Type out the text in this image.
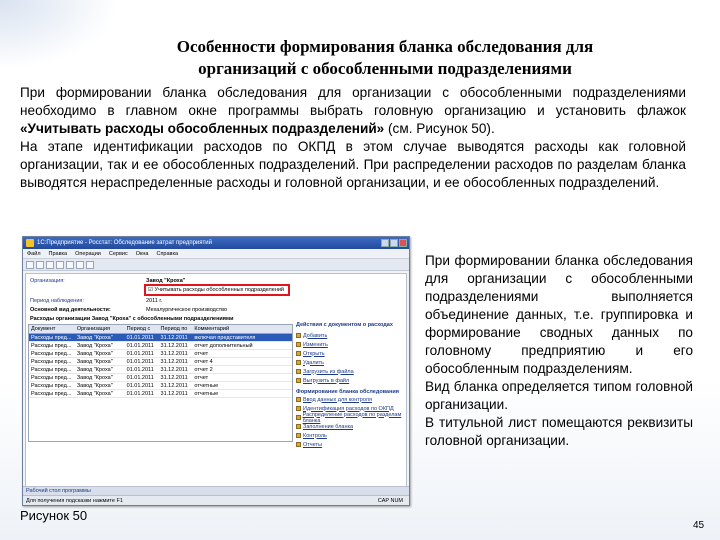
Особенности формирования бланка обследования для
организаций с обособленными подразделениями
При формировании бланка обследования для организации с обособленными подразделениями необходимо в главном окне программы выбрать головную организацию и установить флажок «Учитывать расходы обособленных подразделений» (см. Рисунок 50).
На этапе идентификации расходов по ОКПД в этом случае выводятся расходы как головной организации, так и ее обособленных подразделений. При распределении расходов по разделам бланка выводятся нераспределенные расходы и головной организации, и ее обособленных подразделений.
1С:Предприятие - Росстат: Обследование затрат предприятий
Файл Правка Операции Сервис Окна Справка
Организация:	Завод "Кроха"
☑ Учитывать расходы обособленных подразделений
Период наблюдения:	2011 г.
Основной вид деятельности:	Мехалургическое производство
Расходы организации Завод "Кроха" с обособленными подразделениями
Документ	Организация	Период с	Период по	Комментарий
Расходы пред... Завод "Кроха"	01.01.2011	31.12.2011	включая представителя
Расходы пред... Завод "Кроха"	01.01.2011	31.12.2011	отчет дополнительный
Расходы пред... Завод "Кроха"	01.01.2011	31.12.2011	отчет
Расходы пред... Завод "Кроха"	01.01.2011	31.12.2011	отчет 4
Расходы пред... Завод "Кроха"	01.01.2011	31.12.2011	отчет 2
Расходы пред... Завод "Кроха"	01.01.2011	31.12.2011	отчет
Расходы пред... Завод "Кроха"	01.01.2011	31.12.2011	отчетные
Расходы пред... Завод "Кроха"	01.01.2011	31.12.2011	отчетные
Действия с документом о расходах
Добавить
Изменить
Открыть
Удалить
Загрузить из файла
Выгрузить в файл
Формирование бланка обследования
Ввод данных для контроля
Идентификация расходов по ОКПД
Распределение расходов по разделам бланка
Заполнение бланка
Контроль
Отчеты
Рабочий стол программы
Для получения подсказки нажмите F1	CAP NUM
Рисунок 50
При формировании бланка обследования для организации с обособленными подразделениями выполняется объединение данных, т.е. группировка и формирование сводных данных по головному предприятию и его обособленным подразделениям.
Вид бланка определяется типом головной организации.
В титульной лист помещаются реквизиты головной организации.
45
